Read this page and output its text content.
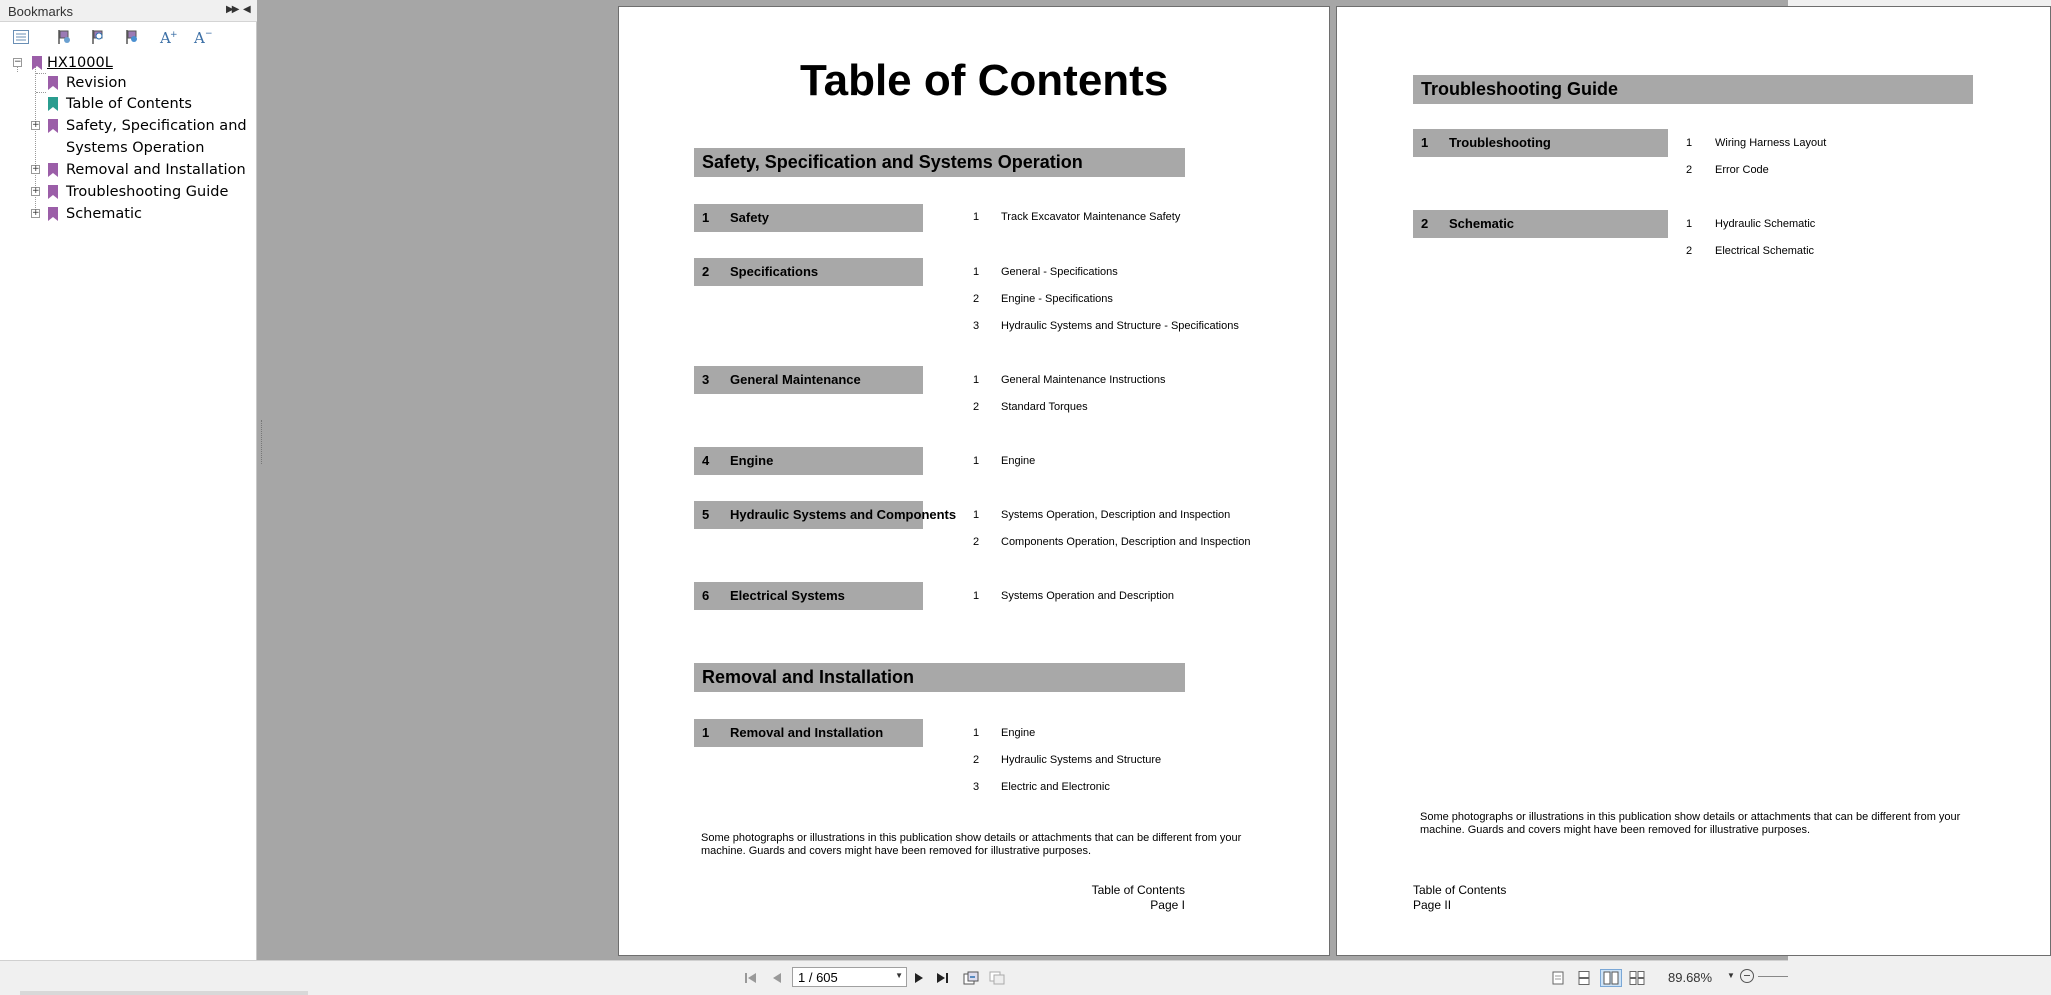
Bookmarks	▶▶ ◀
A + A −
− HX1000L
Revision
Table of Contents
+ Safety, Specification and
Systems Operation
+ Removal and Installation
+ Troubleshooting Guide
+ Schematic
Table of Contents
Safety, Specification and Systems Operation
1 Safety	1 Track Excavator Maintenance Safety
2 Specifications	1 General - Specifications
2 Engine - Specifications
3 Hydraulic Systems and Structure - Specifications
3 General Maintenance	1 General Maintenance Instructions
2 Standard Torques
4 Engine	1 Engine
5 Hydraulic Systems and Components 1 Systems Operation, Description and Inspection
2 Components Operation, Description and Inspection
6 Electrical Systems	1 Systems Operation and Description
Removal and Installation
1 Removal and Installation	1 Engine
2 Hydraulic Systems and Structure
3 Electric and Electronic
Some photographs or illustrations in this publication show details or attachments that can be different from your
machine. Guards and covers might have been removed for illustrative purposes.
Table of Contents
Page I
Troubleshooting Guide
1 Troubleshooting	1 Wiring Harness Layout
2 Error Code
2 Schematic	1 Hydraulic Schematic
2 Electrical Schematic
Some photographs or illustrations in this publication show details or attachments that can be different from your
machine. Guards and covers might have been removed for illustrative purposes.
Table of Contents
Page II
1 / 605	▼	89.68% ▼
